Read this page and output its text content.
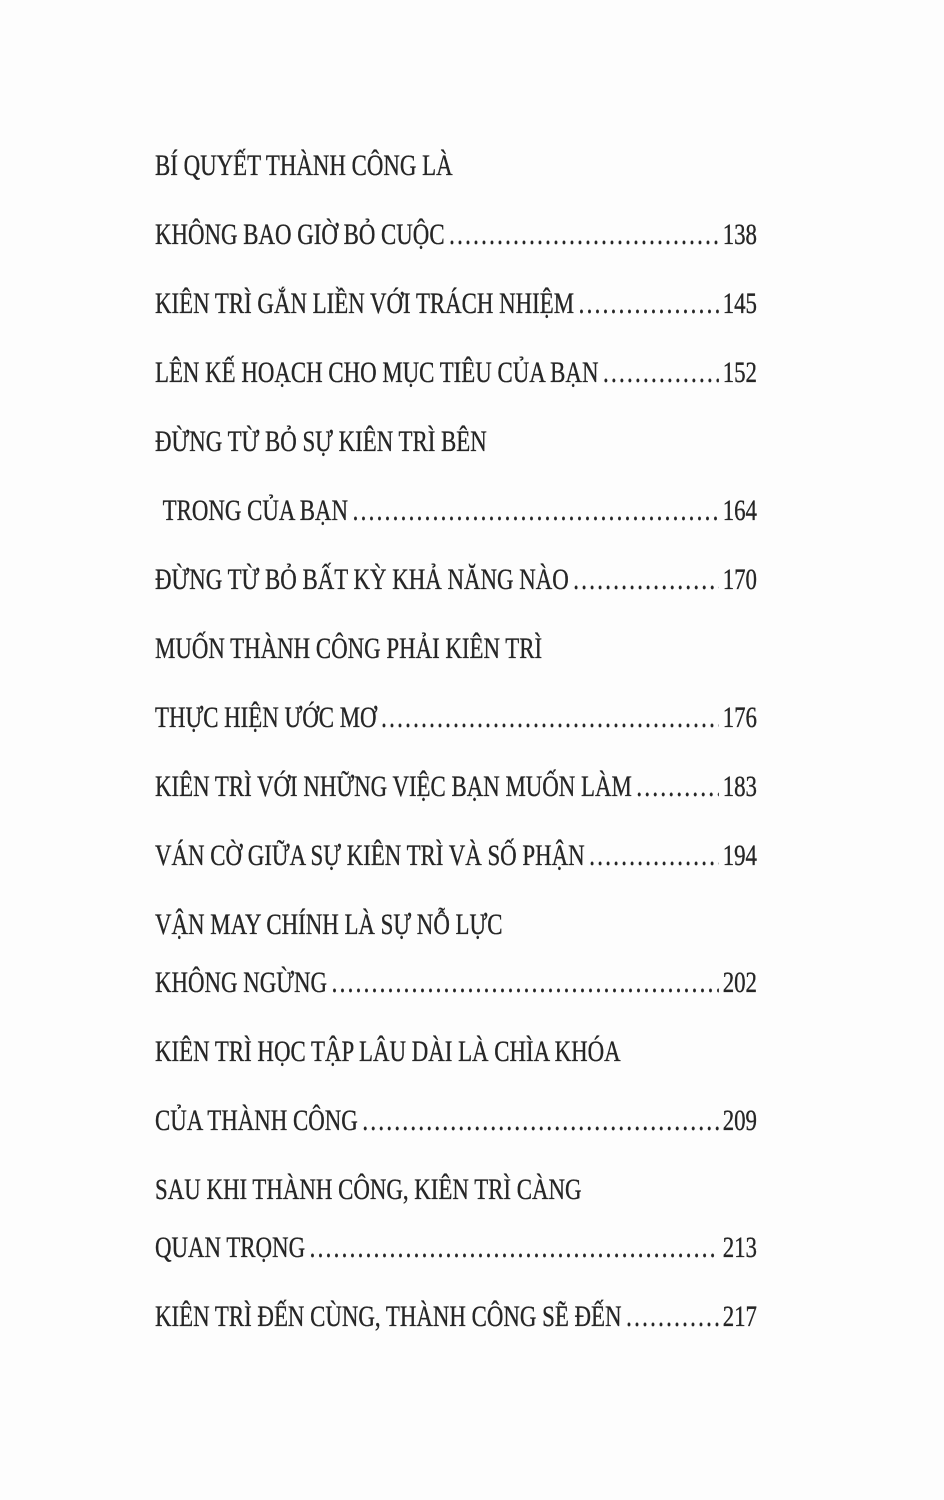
BÍ QUYẾT THÀNH CÔNG LÀ
KHÔNG BAO GIỜ BỎ CUỘC .....	138
KIÊN TRÌ GẮN LIỀN VỚI TRÁCH NHIỆM .....	145
LÊN KẾ HOẠCH CHO MỤC TIÊU CỦA BẠN .....	152
ĐỪNG TỪ BỎ SỰ KIÊN TRÌ BÊN
TRONG CỦA BẠN .....	164
ĐỪNG TỪ BỎ BẤT KỲ KHẢ NĂNG NÀO .....	170
MUỐN THÀNH CÔNG PHẢI KIÊN TRÌ
THỰC HIỆN ƯỚC MƠ .....	176
KIÊN TRÌ VỚI NHỮNG VIỆC BẠN MUỐN LÀM .....	183
VÁN CỜ GIỮA SỰ KIÊN TRÌ VÀ SỐ PHẬN .....	194
VẬN MAY CHÍNH LÀ SỰ NỖ LỰC
KHÔNG NGỪNG .....	202
KIÊN TRÌ HỌC TẬP LÂU DÀI LÀ CHÌA KHÓA
CỦA THÀNH CÔNG .....	209
SAU KHI THÀNH CÔNG, KIÊN TRÌ CÀNG
QUAN TRỌNG .....	213
KIÊN TRÌ ĐẾN CÙNG, THÀNH CÔNG SẼ ĐẾN .....	217
